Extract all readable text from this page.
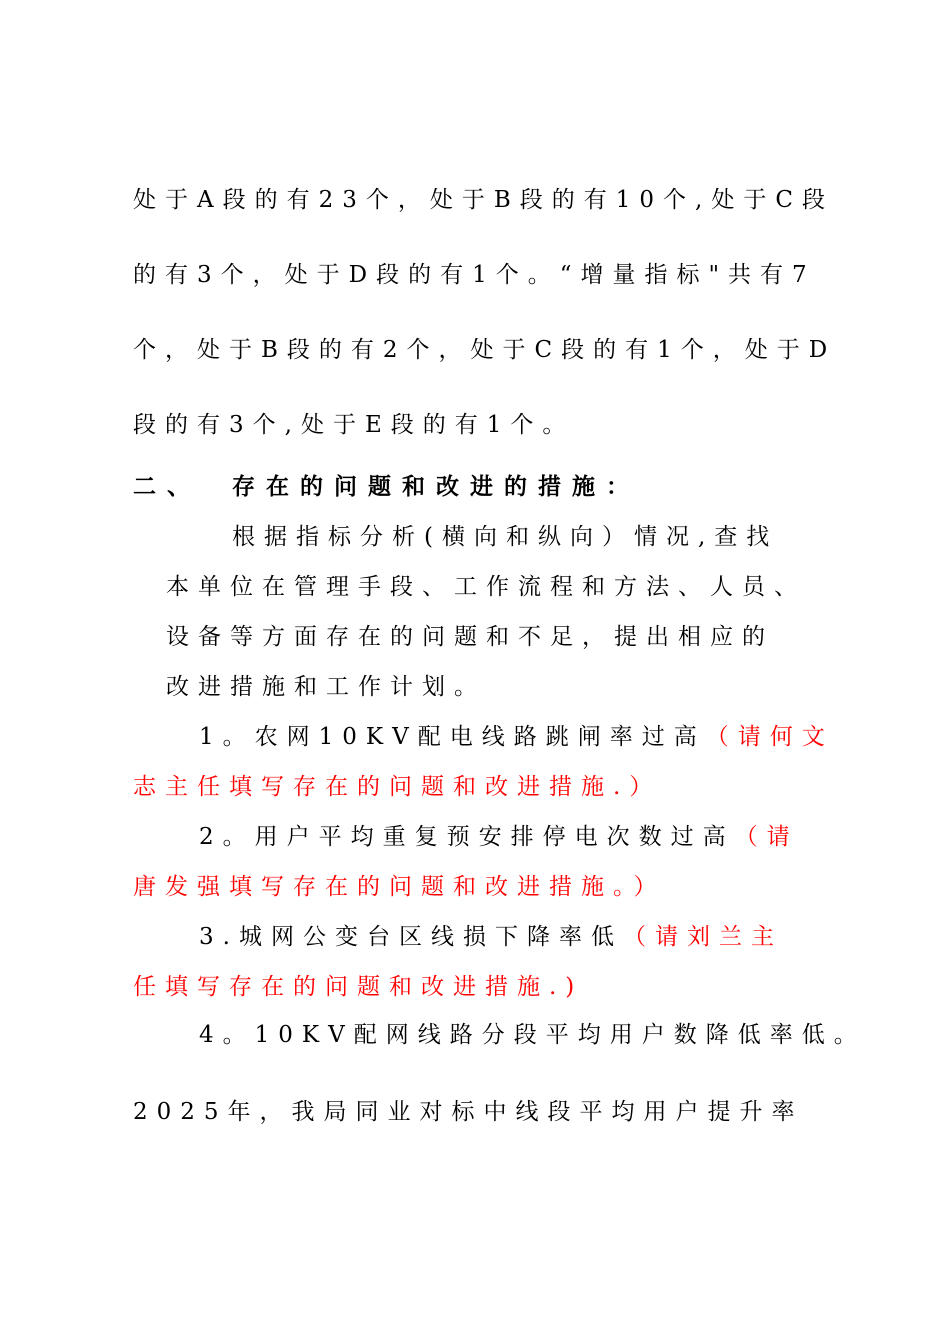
处于A段的有23个，处于B段的有10个,处于C段
的有3个，处于D段的有1个。“增量指标"共有7
个，处于B段的有2个，处于C段的有1个，处于D
段的有3个,处于E段的有1个。
二、 存在的问题和改进的措施：
根据指标分析(横向和纵向）情况,查找
本单位在管理手段、工作流程和方法、人员、
设备等方面存在的问题和不足，提出相应的
改进措施和工作计划。
1。农网10KV配电线路跳闸率过高（请何文
志主任填写存在的问题和改进措施.）
2。用户平均重复预安排停电次数过高（请
唐发强填写存在的问题和改进措施。）
3.城网公变台区线损下降率低（请刘兰主
任填写存在的问题和改进措施.)
4。10KV配网线路分段平均用户数降低率低。
2025年，我局同业对标中线段平均用户提升率
